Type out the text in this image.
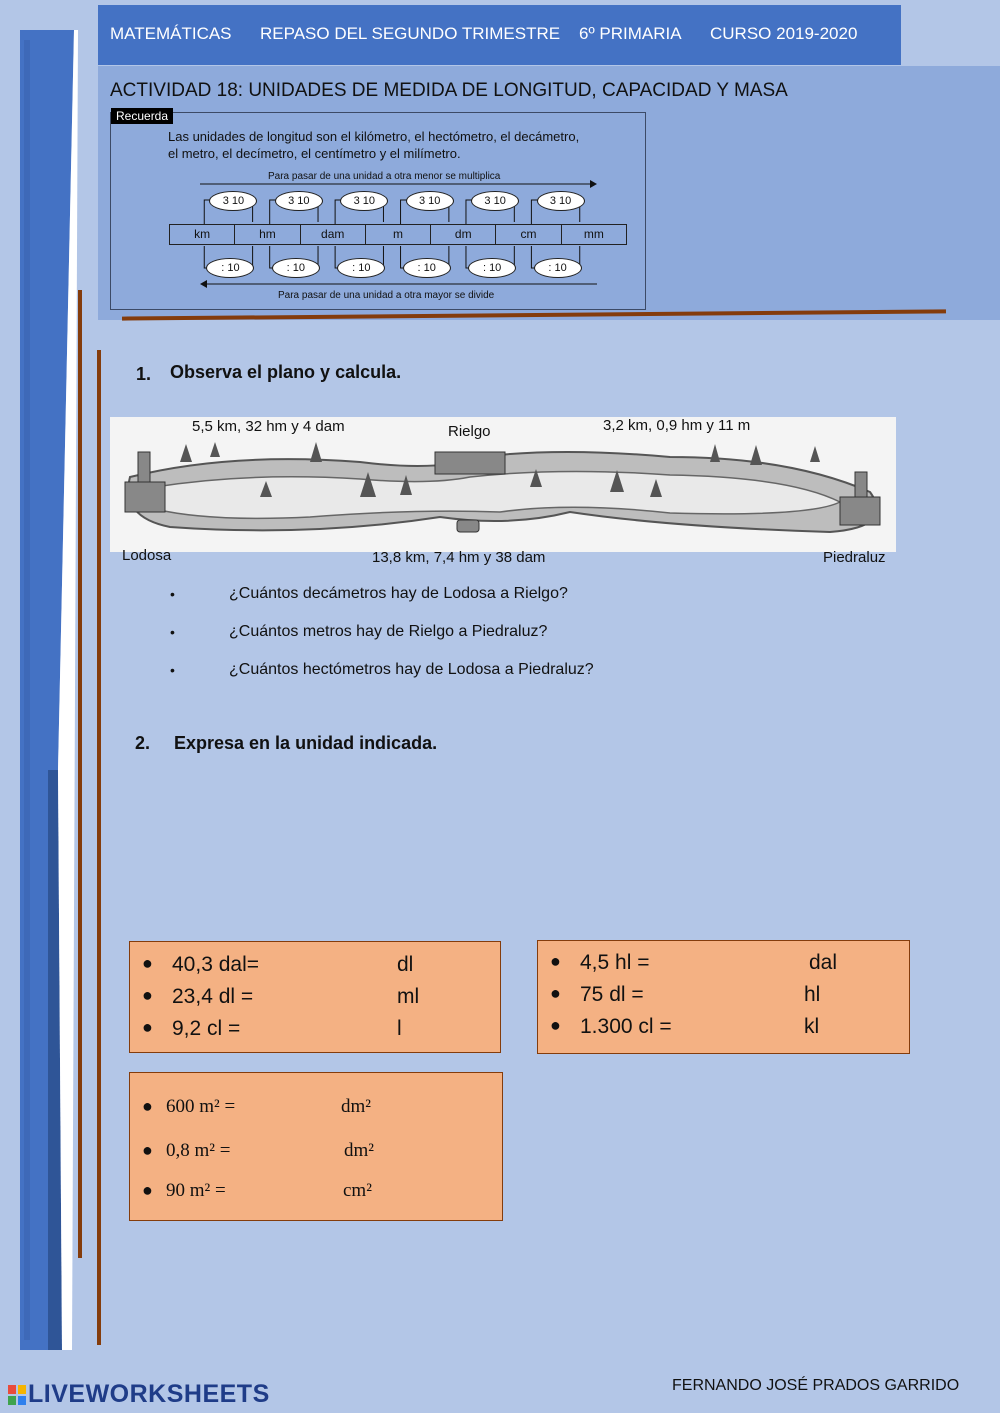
MATEMÁTICAS REPASO DEL SEGUNDO TRIMESTRE 6º PRIMARIA CURSO 2019-2020
ACTIVIDAD 18: UNIDADES DE MEDIDA DE LONGITUD, CAPACIDAD Y MASA
Recuerda
Las unidades de longitud son el kilómetro, el hectómetro, el decámetro,
el metro, el decímetro, el centímetro y el milímetro.
Para pasar de una unidad a otra menor se multiplica
Para pasar de una unidad a otra mayor se divide
km	hm	dam	m	dm	cm	mm
1. Observa el plano y calcula.
5,5 km, 32 hm y 4 dam	3,2 km, 0,9 hm y 11 m
Rielgo
Lodosa	13,8 km, 7,4 hm y 38 dam	Piedraluz
•	¿Cuántos decámetros hay de Lodosa a Rielgo?
•	¿Cuántos metros hay de Rielgo a Piedraluz?
•	¿Cuántos hectómetros hay de Lodosa a Piedraluz?
2. Expresa en la unidad indicada.
● 40,3 dal=	dl
● 23,4 dl =	ml
● 9,2 cl =	l
● 4,5 hl =	dal
● 75 dl =	hl
● 1.300 cl =	kl
● 600 m² =	dm²
● 0,8 m² =	dm²
● 90 m² =	cm²
FERNANDO JOSÉ PRADOS GARRIDO
LIVEWORKSHEETS
3 10
: 10
3 10
: 10
3 10
: 10
3 10
: 10
3 10
: 10
3 10
: 10
